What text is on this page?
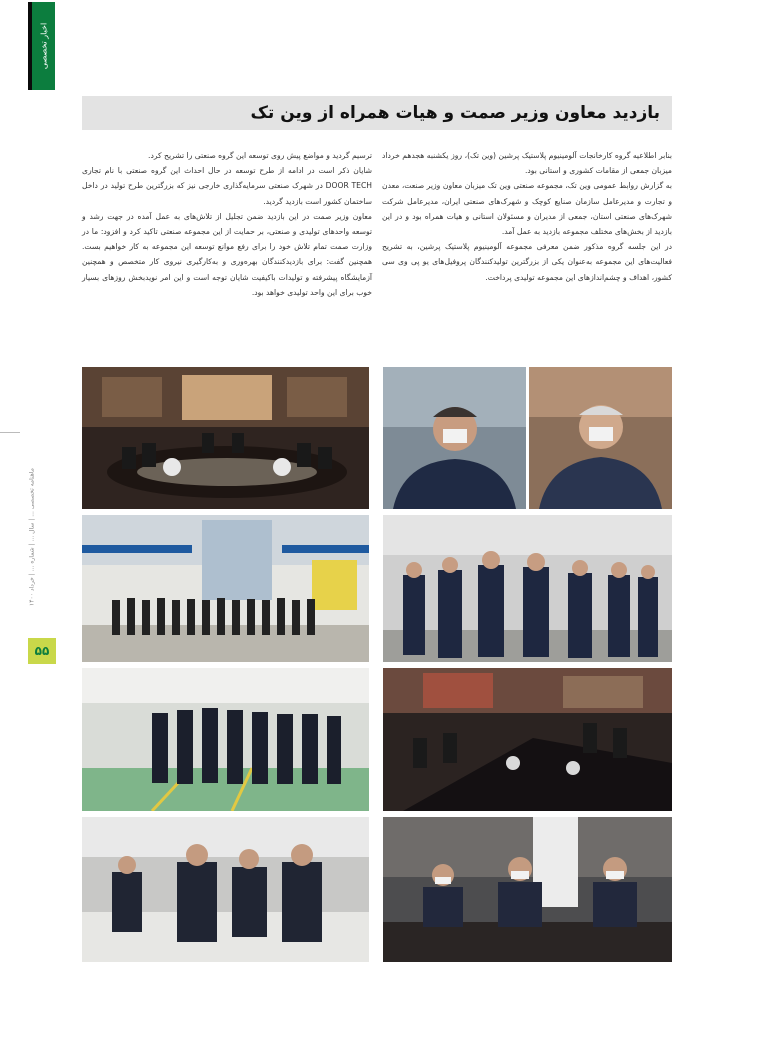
اخبار تخصصی
ماهنامه تخصصی ... | سال ... | شماره ... | خرداد ۱۴۰۰
۵۵
بازدید معاون وزیر صمت و هیات همراه از وین تک

بنابر اطلاعیه گروه کارخانجات آلومینیوم پلاستیک پرشین (وین تک)، روز یکشنبه هجدهم خرداد میزبان جمعی از مقامات کشوری و استانی بود.

به گزارش روابط عمومی وین تک، مجموعه صنعتی وین تک میزبان معاون وزیر صنعت، معدن و تجارت و مدیرعامل سازمان صنایع کوچک و شهرک‌های صنعتی ایران، مدیرعامل شرکت شهرک‌های صنعتی استان، جمعی از مدیران و مسئولان استانی و هیات همراه بود و در این بازدید از بخش‌های مختلف مجموعه بازدید به عمل آمد.

در این جلسه گروه مذکور ضمن معرفی مجموعه آلومینیوم پلاستیک پرشین، به تشریح فعالیت‌های این مجموعه به‌عنوان یکی از بزرگترین تولیدکنندگان پروفیل‌های یو پی وی سی کشور، اهداف و چشم‌اندازهای این مجموعه تولیدی پرداخت.

ترسیم گردید و مواضع پیش روی توسعه این گروه صنعتی را تشریح کرد.

شایان ذکر است در ادامه از طرح توسعه در حال احداث این گروه صنعتی با نام تجاری DOOR TECH در شهرک صنعتی سرمایه‌گذاری خارجی نیز که بزرگترین طرح تولید در داخل ساختمان کشور است بازدید گردید.

معاون وزیر صمت در این بازدید ضمن تجلیل از تلاش‌های به عمل آمده در جهت رشد و توسعه واحدهای تولیدی و صنعتی، بر حمایت از این مجموعه صنعتی تاکید کرد و افزود: ما در وزارت صمت تمام تلاش خود را برای رفع موانع توسعه این مجموعه به کار خواهیم بست. همچنین گفت: برای بازدیدکنندگان بهره‌وری و به‌کارگیری نیروی کار متخصص و همچنین آزمایشگاه پیشرفته و تولیدات باکیفیت شایان توجه است و این امر نویدبخش روزهای بسیار خوب برای این واحد تولیدی خواهد بود.
